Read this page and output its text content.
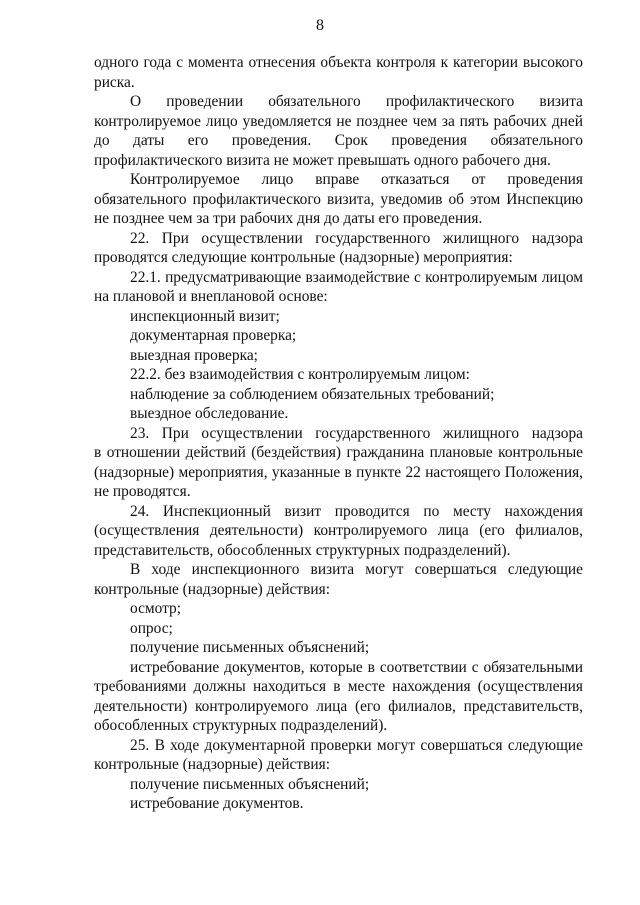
8
одного года с момента отнесения объекта контроля к категории высокого
риска.
О проведении обязательного профилактического визита
контролируемое лицо уведомляется не позднее чем за пять рабочих дней
до даты его проведения. Срок проведения обязательного
профилактического визита не может превышать одного рабочего дня.
Контролируемое лицо вправе отказаться от проведения
обязательного профилактического визита, уведомив об этом Инспекцию
не позднее чем за три рабочих дня до даты его проведения.
22. При осуществлении государственного жилищного надзора
проводятся следующие контрольные (надзорные) мероприятия:
22.1. предусматривающие взаимодействие с контролируемым лицом
на плановой и внеплановой основе:
инспекционный визит;
документарная проверка;
выездная проверка;
22.2. без взаимодействия с контролируемым лицом:
наблюдение за соблюдением обязательных требований;
выездное обследование.
23. При осуществлении государственного жилищного надзора
в отношении действий (бездействия) гражданина плановые контрольные
(надзорные) мероприятия, указанные в пункте 22 настоящего Положения,
не проводятся.
24. Инспекционный визит проводится по месту нахождения
(осуществления деятельности) контролируемого лица (его филиалов,
представительств, обособленных структурных подразделений).
В ходе инспекционного визита могут совершаться следующие
контрольные (надзорные) действия:
осмотр;
опрос;
получение письменных объяснений;
истребование документов, которые в соответствии с обязательными
требованиями должны находиться в месте нахождения (осуществления
деятельности) контролируемого лица (его филиалов, представительств,
обособленных структурных подразделений).
25. В ходе документарной проверки могут совершаться следующие
контрольные (надзорные) действия:
получение письменных объяснений;
истребование документов.
